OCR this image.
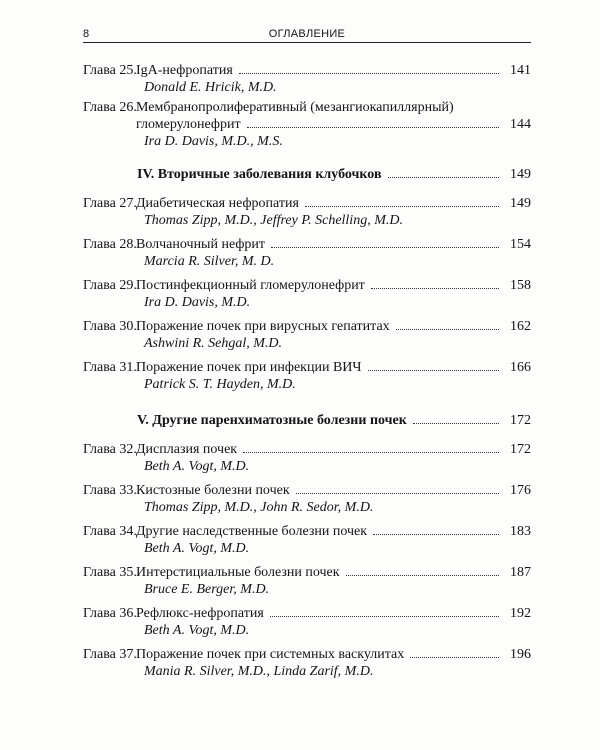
8	ОГЛАВЛЕНИЕ
Глава 25. IgA-нефропатия	141
Donald E. Hricik, M.D.
Глава 26. Мембранопролиферативный (мезангиокапиллярный)
гломерулонефрит	144
Ira D. Davis, M.D., M.S.
IV. Вторичные заболевания клубочков	149
Глава 27. Диабетическая нефропатия	149
Thomas Zipp, M.D., Jeffrey P. Schelling, M.D.
Глава 28. Волчаночный нефрит	154
Marcia R. Silver, M. D.
Глава 29. Постинфекционный гломерулонефрит	158
Ira D. Davis, M.D.
Глава 30. Поражение почек при вирусных гепатитах	162
Ashwini R. Sehgal, M.D.
Глава 31. Поражение почек при инфекции ВИЧ	166
Patrick S. T. Hayden, M.D.
V. Другие паренхиматозные болезни почек	172
Глава 32. Дисплазия почек	172
Beth A. Vogt, M.D.
Глава 33. Кистозные болезни почек	176
Thomas Zipp, M.D., John R. Sedor, M.D.
Глава 34. Другие наследственные болезни почек	183
Beth A. Vogt, M.D.
Глава 35. Интерстициальные болезни почек	187
Bruce E. Berger, M.D.
Глава 36. Рефлюкс-нефропатия	192
Beth A. Vogt, M.D.
Глава 37. Поражение почек при системных васкулитах	196
Mania R. Silver, M.D., Linda Zarif, M.D.
